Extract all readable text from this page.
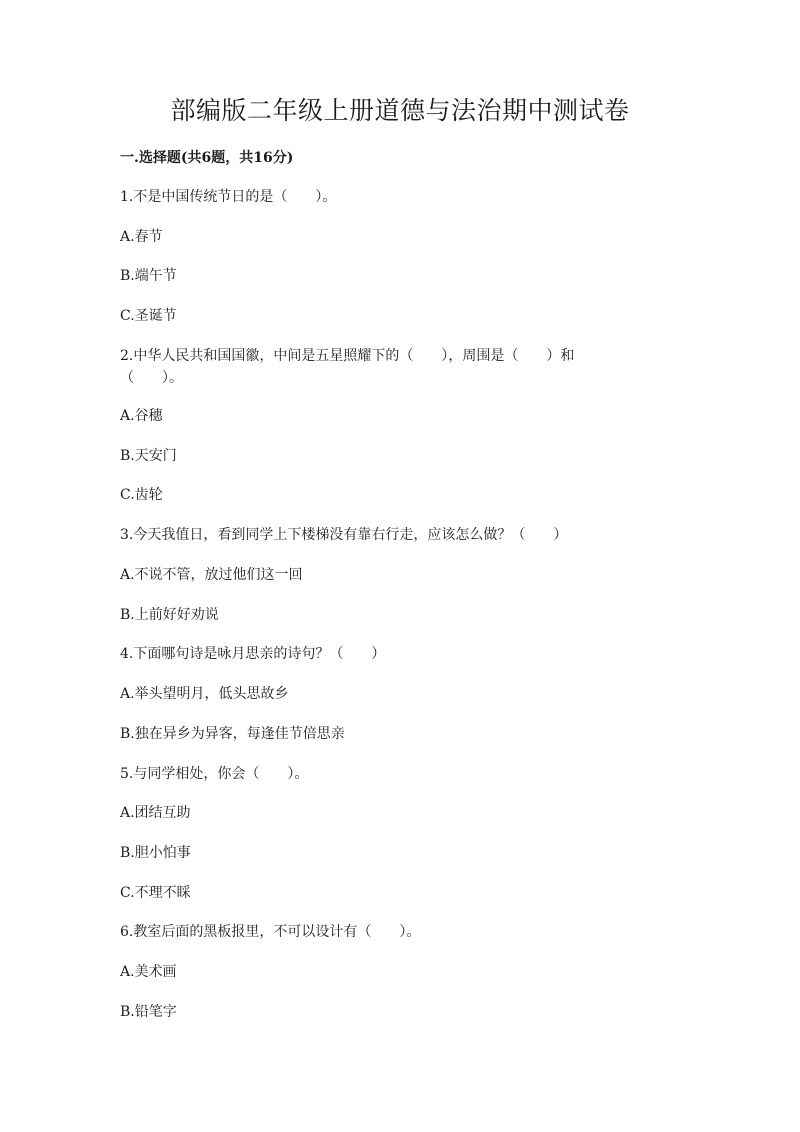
部编版二年级上册道德与法治期中测试卷
一.选择题(共6题，共16分)
1.不是中国传统节日的是（　　）。
A.春节
B.端午节
C.圣诞节
2.中华人民共和国国徽，中间是五星照耀下的（　　），周围是（　　）和
（　　）。
A.谷穗
B.天安门
C.齿轮
3.今天我值日，看到同学上下楼梯没有靠右行走，应该怎么做？（　　）
A.不说不管，放过他们这一回
B.上前好好劝说
4.下面哪句诗是咏月思亲的诗句？（　　）
A.举头望明月，低头思故乡
B.独在异乡为异客，每逢佳节倍思亲
5.与同学相处，你会（　　）。
A.团结互助
B.胆小怕事
C.不理不睬
6.教室后面的黑板报里，不可以设计有（　　）。
A.美术画
B.铅笔字
